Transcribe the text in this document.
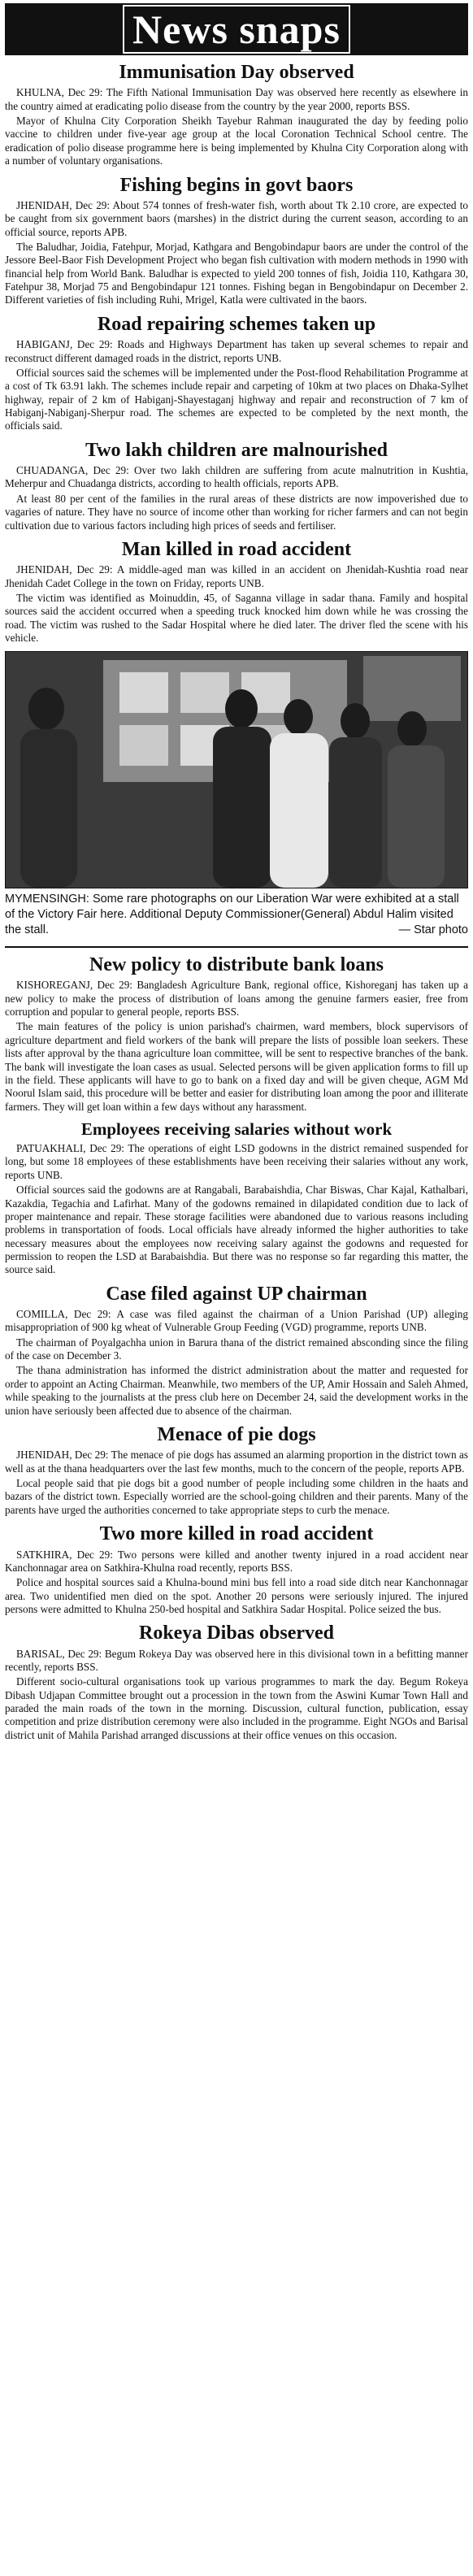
News snaps
Immunisation Day observed

KHULNA, Dec 29: The Fifth National Immunisation Day was observed here recently as elsewhere in the country aimed at eradicating polio disease from the country by the year 2000, reports BSS.

Mayor of Khulna City Corporation Sheikh Tayebur Rahman inaugurated the day by feeding polio vaccine to children under five-year age group at the local Coronation Technical School centre. The eradication of polio disease programme here is being implemented by Khulna City Corporation along with a number of voluntary organisations.

Fishing begins in govt baors

JHENIDAH, Dec 29: About 574 tonnes of fresh-water fish, worth about Tk 2.10 crore, are expected to be caught from six government baors (marshes) in the district during the current season, according to an official source, reports APB.

The Baludhar, Joidia, Fatehpur, Morjad, Kathgara and Bengobindapur baors are under the control of the Jessore Beel-Baor Fish Development Project who began fish cultivation with modern methods in 1990 with financial help from World Bank. Baludhar is expected to yield 200 tonnes of fish, Joidia 110, Kathgara 30, Fatehpur 38, Morjad 75 and Bengobindapur 121 tonnes. Fishing began in Bengobindapur on December 2. Different varieties of fish including Ruhi, Mrigel, Katla were cultivated in the baors.

Road repairing schemes taken up

HABIGANJ, Dec 29: Roads and Highways Department has taken up several schemes to repair and reconstruct different damaged roads in the district, reports UNB.

Official sources said the schemes will be implemented under the Post-flood Rehabilitation Programme at a cost of Tk 63.91 lakh. The schemes include repair and carpeting of 10km at two places on Dhaka-Sylhet highway, repair of 2 km of Habiganj-Shayestaganj highway and repair and reconstruction of 7 km of Habiganj-Nabiganj-Sherpur road. The schemes are expected to be completed by the next month, the officials said.

Two lakh children are malnourished

CHUADANGA, Dec 29: Over two lakh children are suffering from acute malnutrition in Kushtia, Meherpur and Chuadanga districts, according to health officials, reports APB.

At least 80 per cent of the families in the rural areas of these districts are now impoverished due to vagaries of nature. They have no source of income other than working for richer farmers and can not begin cultivation due to various factors including high prices of seeds and fertiliser.

Man killed in road accident

JHENIDAH, Dec 29: A middle-aged man was killed in an accident on Jhenidah-Kushtia road near Jhenidah Cadet College in the town on Friday, reports UNB.

The victim was identified as Moinuddin, 45, of Saganna village in sadar thana. Family and hospital sources said the accident occurred when a speeding truck knocked him down while he was crossing the road. The victim was rushed to the Sadar Hospital where he died later. The driver fled the scene with his vehicle.

MYMENSINGH: Some rare photographs on our Liberation War were exhibited at a stall of the Victory Fair here. Additional Deputy Commissioner(General) Abdul Halim visited the stall.	— Star photo
New policy to distribute bank loans

KISHOREGANJ, Dec 29: Bangladesh Agriculture Bank, regional office, Kishoreganj has taken up a new policy to make the process of distribution of loans among the genuine farmers easier, free from corruption and popular to general people, reports BSS.

The main features of the policy is union parishad's chairmen, ward members, block supervisors of agriculture department and field workers of the bank will prepare the lists of possible loan seekers. These lists after approval by the thana agriculture loan committee, will be sent to respective branches of the bank. The bank will investigate the loan cases as usual. Selected persons will be given application forms to fill up in the field. These applicants will have to go to bank on a fixed day and will be given cheque, AGM Md Noorul Islam said, this procedure will be better and easier for distributing loan among the poor and illiterate farmers. They will get loan within a few days without any harassment.

Employees receiving salaries without work

PATUAKHALI, Dec 29: The operations of eight LSD godowns in the district remained suspended for long, but some 18 employees of these establishments have been receiving their salaries without any work, reports UNB.

Official sources said the godowns are at Rangabali, Barabaishdia, Char Biswas, Char Kajal, Kathalbari, Kazakdia, Tegachia and Lafirhat. Many of the godowns remained in dilapidated condition due to lack of proper maintenance and repair. These storage facilities were abandoned due to various reasons including problems in transportation of foods. Local officials have already informed the higher authorities to take necessary measures about the employees now receiving salary against the godowns and requested for permission to reopen the LSD at Barabaishdia. But there was no response so far regarding this matter, the source said.

Case filed against UP chairman

COMILLA, Dec 29: A case was filed against the chairman of a Union Parishad (UP) alleging misappropriation of 900 kg wheat of Vulnerable Group Feeding (VGD) programme, reports UNB.

The chairman of Poyalgachha union in Barura thana of the district remained absconding since the filing of the case on December 3.

The thana administration has informed the district administration about the matter and requested for order to appoint an Acting Chairman. Meanwhile, two members of the UP, Amir Hossain and Saleh Ahmed, while speaking to the journalists at the press club here on December 24, said the development works in the union have seriously been affected due to absence of the chairman.

Menace of pie dogs

JHENIDAH, Dec 29: The menace of pie dogs has assumed an alarming proportion in the district town as well as at the thana headquarters over the last few months, much to the concern of the people, reports APB.

Local people said that pie dogs bit a good number of people including some children in the haats and bazars of the district town. Especially worried are the school-going children and their parents. Many of the parents have urged the authorities concerned to take appropriate steps to curb the menace.

Two more killed in road accident

SATKHIRA, Dec 29: Two persons were killed and another twenty injured in a road accident near Kanchonnagar area on Satkhira-Khulna road recently, reports BSS.

Police and hospital sources said a Khulna-bound mini bus fell into a road side ditch near Kanchonnagar area. Two unidentified men died on the spot. Another 20 persons were seriously injured. The injured persons were admitted to Khulna 250-bed hospital and Satkhira Sadar Hospital. Police seized the bus.

Rokeya Dibas observed

BARISAL, Dec 29: Begum Rokeya Day was observed here in this divisional town in a befitting manner recently, reports BSS.

Different socio-cultural organisations took up various programmes to mark the day. Begum Rokeya Dibash Udjapan Committee brought out a procession in the town from the Aswini Kumar Town Hall and paraded the main roads of the town in the morning. Discussion, cultural function, publication, essay competition and prize distribution ceremony were also included in the programme. Eight NGOs and Barisal district unit of Mahila Parishad arranged discussions at their office venues on this occasion.
